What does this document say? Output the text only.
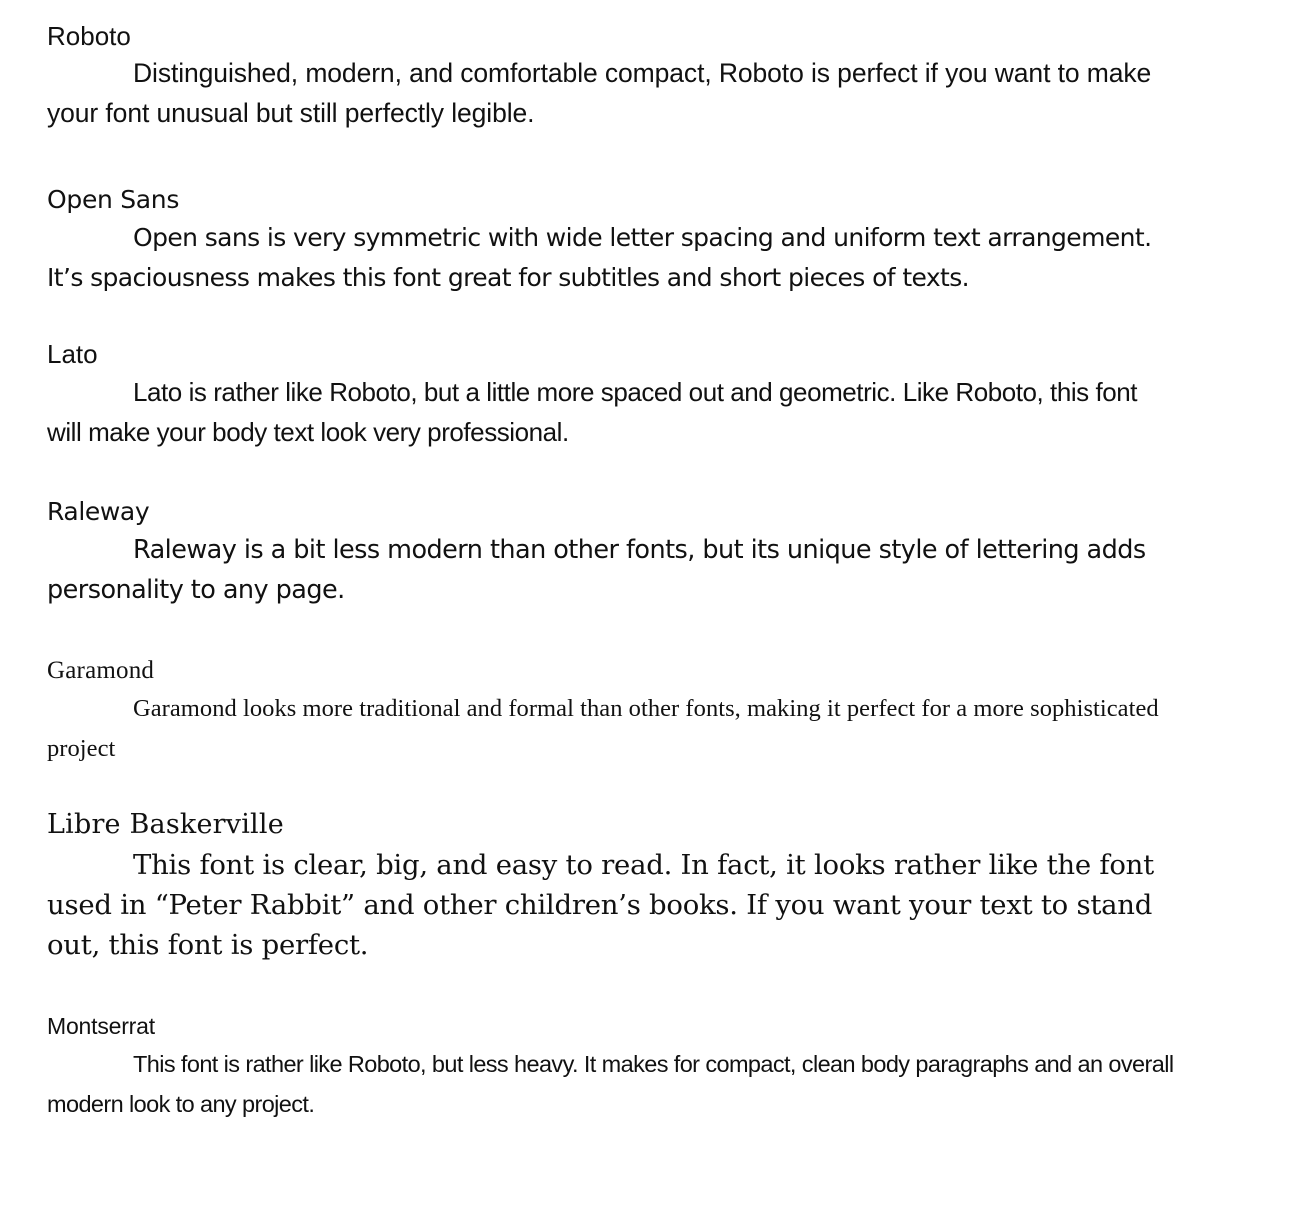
Roboto

Distinguished, modern, and comfortable compact, Roboto is perfect if you want to make your font unusual but still perfectly legible.

Open Sans

Open sans is very symmetric with wide letter spacing and uniform text arrangement. It’s spaciousness makes this font great for subtitles and short pieces of texts.

Lato

Lato is rather like Roboto, but a little more spaced out and geometric. Like Roboto, this font will make your body text look very professional.

Raleway

Raleway is a bit less modern than other fonts, but its unique style of lettering adds personality to any page.

Garamond

Garamond looks more traditional and formal than other fonts, making it perfect for a more sophisticated project

Libre Baskerville

This font is clear, big, and easy to read. In fact, it looks rather like the font used in “Peter Rabbit” and other children’s books. If you want your text to stand out, this font is perfect.

Montserrat

This font is rather like Roboto, but less heavy. It makes for compact, clean body paragraphs and an overall modern look to any project.
